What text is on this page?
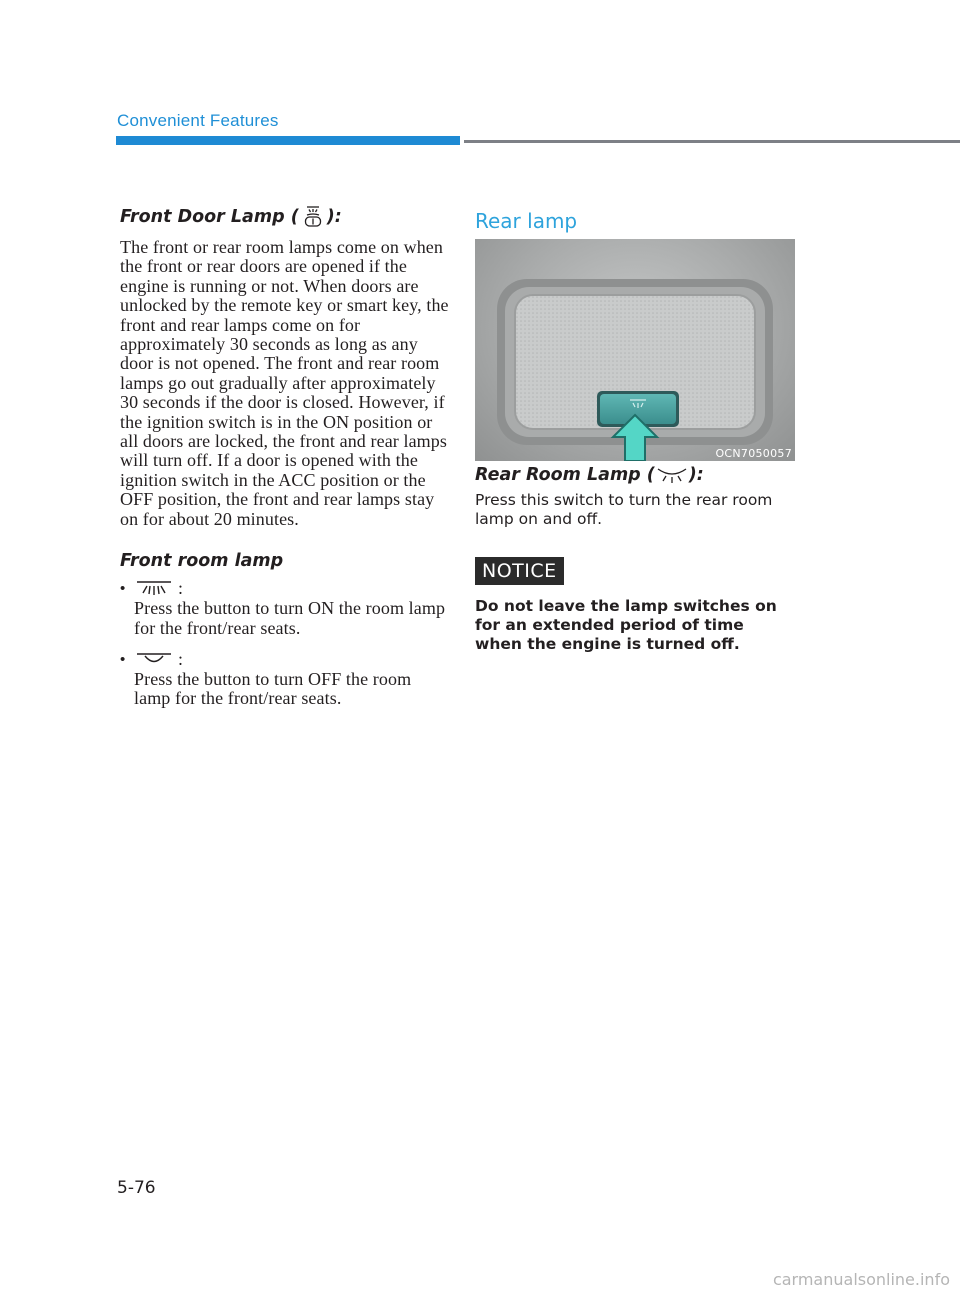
Convenient Features
Front Door Lamp ( ):
The front or rear room lamps come on when the front or rear doors are opened if the engine is running or not. When doors are unlocked by the remote key or smart key, the front and rear lamps come on for approximately 30 seconds as long as any door is not opened. The front and rear room lamps go out gradually after approximately 30 seconds if the door is closed. However, if the ignition switch is in the ON position or all doors are locked, the front and rear lamps will turn off. If a door is opened with the ignition switch in the ACC position or the OFF position, the front and rear lamps stay on for about 20 minutes.
Front room lamp
•	:
Press the button to turn ON the room lamp for the front/rear seats.
•	:
Press the button to turn OFF the room lamp for the front/rear seats.
Rear lamp
OCN7050057
Rear Room Lamp ( ):
Press this switch to turn the rear room lamp on and off.
NOTICE
Do not leave the lamp switches on for an extended period of time when the engine is turned off.
5-76
carmanualsonline.info
